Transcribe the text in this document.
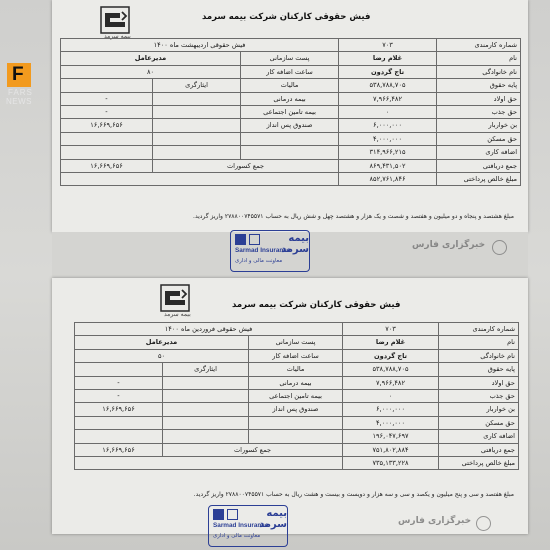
بیمه سرمد
فیش حقوقی کارکنان شرکت بیمه سرمد
شماره کارمندی	۷۰۳	فیش حقوقی اردیبهشت ماه ۱۴۰۰		
نام	غلام رضا	پست سازمانی	مدیرعامل	
نام خانوادگی	تاج گردون	ساعت اضافه کار	۸۰	
پایه حقوق	۵۳۸,۷۸۸,۷۰۵	مالیات	ایثارگری	
حق اولاد	۷,۹۶۶,۴۸۲	بیمه درمانی		-
حق جذب	۰	بیمه تامین اجتماعی		-
بن خواربار	۶,۰۰۰,۰۰۰	صندوق پس انداز		۱۶,۶۶۹,۶۵۶
حق مسکن	۴,۰۰۰,۰۰۰			
اضافه کاری	۳۱۴,۹۶۶,۲۱۵			
جمع دریافتی	۸۶۹,۴۳۱,۵۰۲	جمع کسورات		۱۶,۶۶۹,۶۵۶
مبلغ خالص پرداختی	۸۵۲,۷۶۱,۸۴۶			
مبلغ هشتصد و پنجاه و دو میلیون و هفتصد و شصت و یک هزار و هشتصد چهل و شش ریال به حساب ۲۷۸۸۰۰۷۴۵۵۷۱ واریز گردید.
بیمه سرمد
Sarmad Insurance
معاونت مالی و اداری
خبرگزاری فارس
بیمه سرمد
فیش حقوقی کارکنان شرکت بیمه سرمد
شماره کارمندی	۷۰۳	فیش حقوقی فروردین ماه ۱۴۰۰		
نام	غلام رضا	پست سازمانی	مدیرعامل	
نام خانوادگی	تاج گردون	ساعت اضافه کار	۵۰	
پایه حقوق	۵۳۸,۷۸۸,۷۰۵	مالیات	ایثارگری	
حق اولاد	۷,۹۶۶,۴۸۲	بیمه درمانی		-
حق جذب	۰	بیمه تامین اجتماعی		-
بن خواربار	۶,۰۰۰,۰۰۰	صندوق پس انداز		۱۶,۶۶۹,۶۵۶
حق مسکن	۴,۰۰۰,۰۰۰			
اضافه کاری	۱۹۶,۰۴۷,۶۹۷			
جمع دریافتی	۷۵۱,۸۰۲,۸۸۴	جمع کسورات		۱۶,۶۶۹,۶۵۶
مبلغ خالص پرداختی	۷۳۵,۱۳۳,۲۲۸			
مبلغ هفتصد و سی و پنج میلیون و یکصد و سی و سه هزار و دویست و بیست و هشت ریال به حساب ۲۷۸۸۰۰۷۴۵۵۷۱ واریز گردید.
بیمه سرمد
Sarmad Insurance
معاونت مالی و اداری
خبرگزاری فارس
F
FARS
NEWS
